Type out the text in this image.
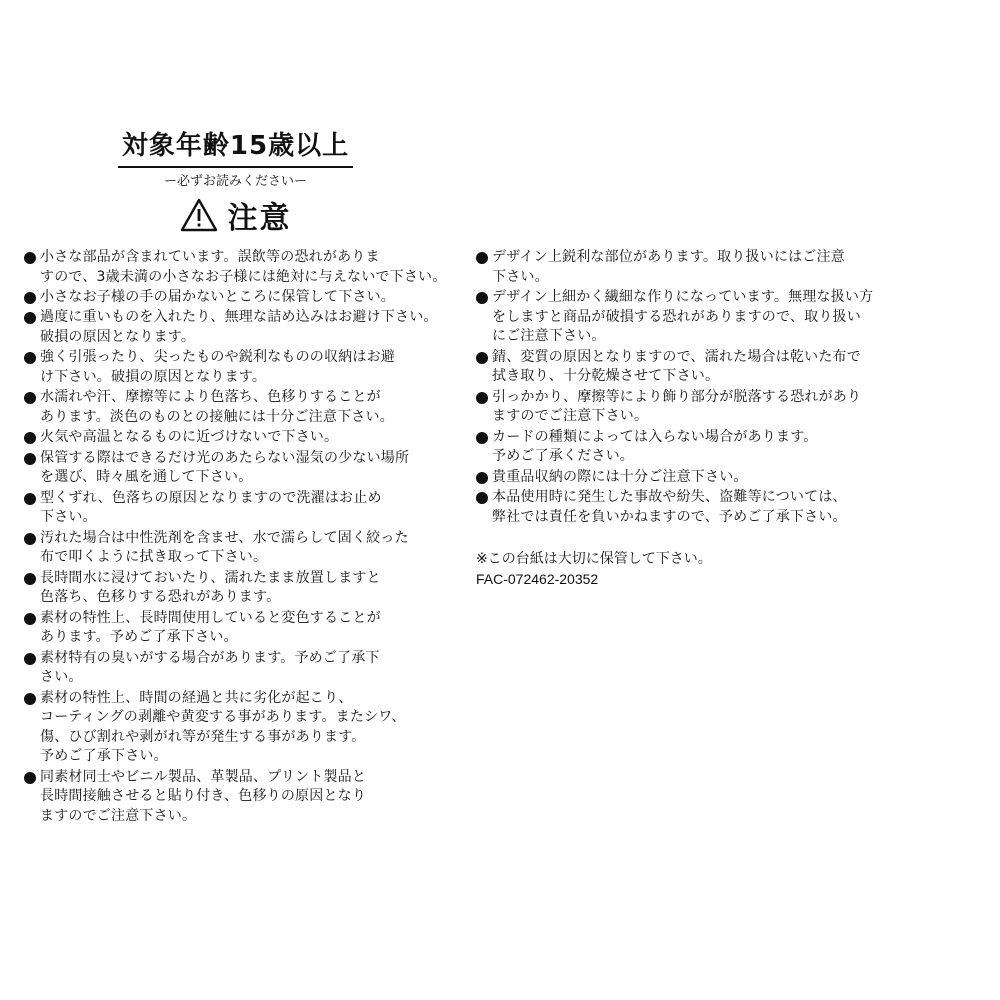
対象年齢15歳以上
ー必ずお読みくださいー
注意
小さな部品が含まれています。誤飲等の恐れがありま
すので、3歳未満の小さなお子様には絶対に与えないで下さい。
小さなお子様の手の届かないところに保管して下さい。
過度に重いものを入れたり、無理な詰め込みはお避け下さい。
破損の原因となります。
強く引張ったり、尖ったものや鋭利なものの収納はお避
け下さい。破損の原因となります。
水濡れや汗、摩擦等により色落ち、色移りすることが
あります。淡色のものとの接触には十分ご注意下さい。
火気や高温となるものに近づけないで下さい。
保管する際はできるだけ光のあたらない湿気の少ない場所
を選び、時々風を通して下さい。
型くずれ、色落ちの原因となりますので洗濯はお止め
下さい。
汚れた場合は中性洗剤を含ませ、水で濡らして固く絞った
布で叩くように拭き取って下さい。
長時間水に浸けておいたり、濡れたまま放置しますと
色落ち、色移りする恐れがあります。
素材の特性上、長時間使用していると変色することが
あります。予めご了承下さい。
素材特有の臭いがする場合があります。予めご了承下
さい。
素材の特性上、時間の経過と共に劣化が起こり、
コーティングの剥離や黄変する事があります。またシワ、
傷、ひび割れや剥がれ等が発生する事があります。
予めご了承下さい。
同素材同士やビニル製品、革製品、プリント製品と
長時間接触させると貼り付き、色移りの原因となり
ますのでご注意下さい。
デザイン上鋭利な部位があります。取り扱いにはご注意
下さい。
デザイン上細かく繊細な作りになっています。無理な扱い方
をしますと商品が破損する恐れがありますので、取り扱い
にご注意下さい。
錆、変質の原因となりますので、濡れた場合は乾いた布で
拭き取り、十分乾燥させて下さい。
引っかかり、摩擦等により飾り部分が脱落する恐れがあり
ますのでご注意下さい。
カードの種類によっては入らない場合があります。
予めご了承ください。
貴重品収納の際には十分ご注意下さい。
本品使用時に発生した事故や紛失、盗難等については、
弊社では責任を負いかねますので、予めご了承下さい。
※この台紙は大切に保管して下さい。
FAC-072462-20352
